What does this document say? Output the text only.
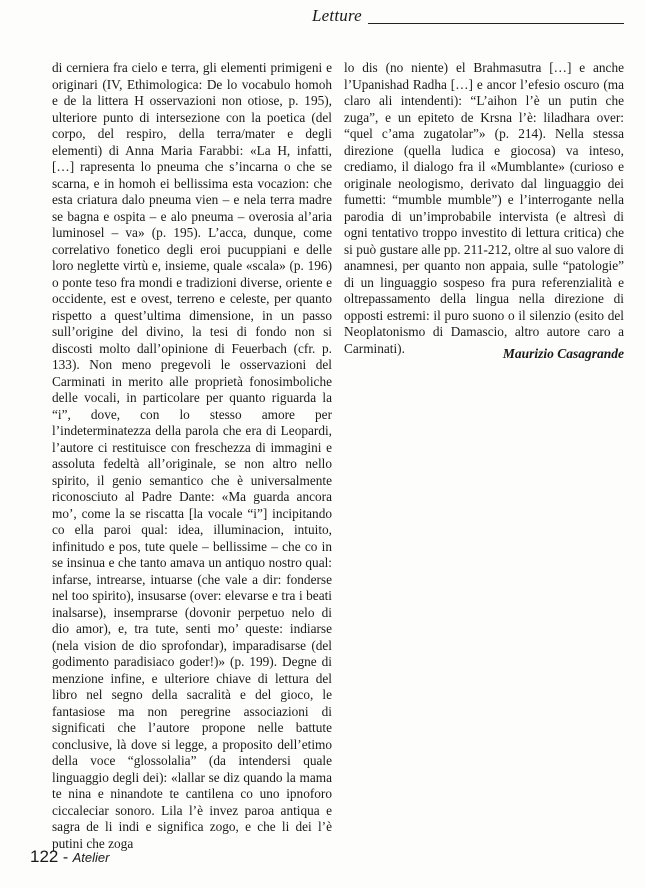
Letture

di cerniera fra cielo e terra, gli elementi primigeni e originari (IV, Ethimologica: De lo vocabulo homoh e de la littera H osservazioni non otiose, p. 195), ulteriore punto di intersezione con la poetica (del corpo, del respiro, della terra/mater e degli elementi) di Anna Maria Farabbi: «La H, infatti, […] rapresenta lo pneuma che s’incarna o che se scarna, e in homoh ei bellissima esta vocazion: che esta criatura dalo pneuma vien – e nela terra madre se bagna e ospita – e alo pneuma – overosia al’aria luminosel – va» (p. 195). L’acca, dunque, come correlativo fonetico degli eroi pucuppiani e delle loro neglette virtù e, insieme, quale «scala» (p. 196) o ponte teso fra mondi e tradizioni diverse, oriente e occidente, est e ovest, terreno e celeste, per quanto rispetto a quest’ultima dimensione, in un passo sull’origine del divino, la tesi di fondo non si discosti molto dall’opinione di Feuerbach (cfr. p. 133). Non meno pregevoli le osservazioni del Carminati in merito alle proprietà fonosimboliche delle vocali, in particolare per quanto riguarda la “i”, dove, con lo stesso amore per l’indeterminatezza della parola che era di Leopardi, l’autore ci restituisce con freschezza di immagini e assoluta fedeltà all’originale, se non altro nello spirito, il genio semantico che è universalmente riconosciuto al Padre Dante: «Ma guarda ancora mo’, come la se riscatta [la vocale “i”] incipitando co ella paroi qual: idea, illuminacion, intuito, infinitudo e pos, tute quele – bellissime – che co in se insinua e che tanto amava un antiquo nostro qual: infarse, intrearse, intuarse (che vale a dir: fonderse nel too spirito), insusarse (over: elevarse e tra i beati inalsarse), insemprarse (dovonir perpetuo nelo di dio amor), e, tra tute, senti mo’ queste: indiarse (nela vision de dio sprofondar), imparadisarse (del godimento paradisiaco goder!)» (p. 199). Degne di menzione infine, e ulteriore chiave di lettura del libro nel segno della sacralità e del gioco, le fantasiose ma non peregrine associazioni di significati che l’autore propone nelle battute conclusive, là dove si legge, a proposito dell’etimo della voce “glossolalia” (da intendersi quale linguaggio degli dei): «lallar se diz quando la mama te nina e ninandote te cantilena co uno ipnoforo ciccaleciar sonoro. Lila l’è invez paroa antiqua e sagra de li indi e significa zogo, e che li dei l’è putini che zoga

lo dis (no niente) el Brahmasutra […] e anche l’Upanishad Radha […] e ancor l’efesio oscuro (ma claro ali intendenti): “L’aihon l’è un putin che zuga”, e un epiteto de Krsna l’è: liladhara over: “quel c’ama zugatolar”» (p. 214). Nella stessa direzione (quella ludica e giocosa) va inteso, crediamo, il dialogo fra il «Mumblante» (curioso e originale neologismo, derivato dal linguaggio dei fumetti: “mumble mumble”) e l’interrogante nella parodia di un’improbabile intervista (e altresì di ogni tentativo troppo investito di lettura critica) che si può gustare alle pp. 211-212, oltre al suo valore di anamnesi, per quanto non appaia, sulle “patologie” di un linguaggio sospeso fra pura referenzialità e oltrepassamento della lingua nella direzione di opposti estremi: il puro suono o il silenzio (esito del Neoplatonismo di Damascio, altro autore caro a Carminati).	Maurizio Casagrande
122 - Atelier
